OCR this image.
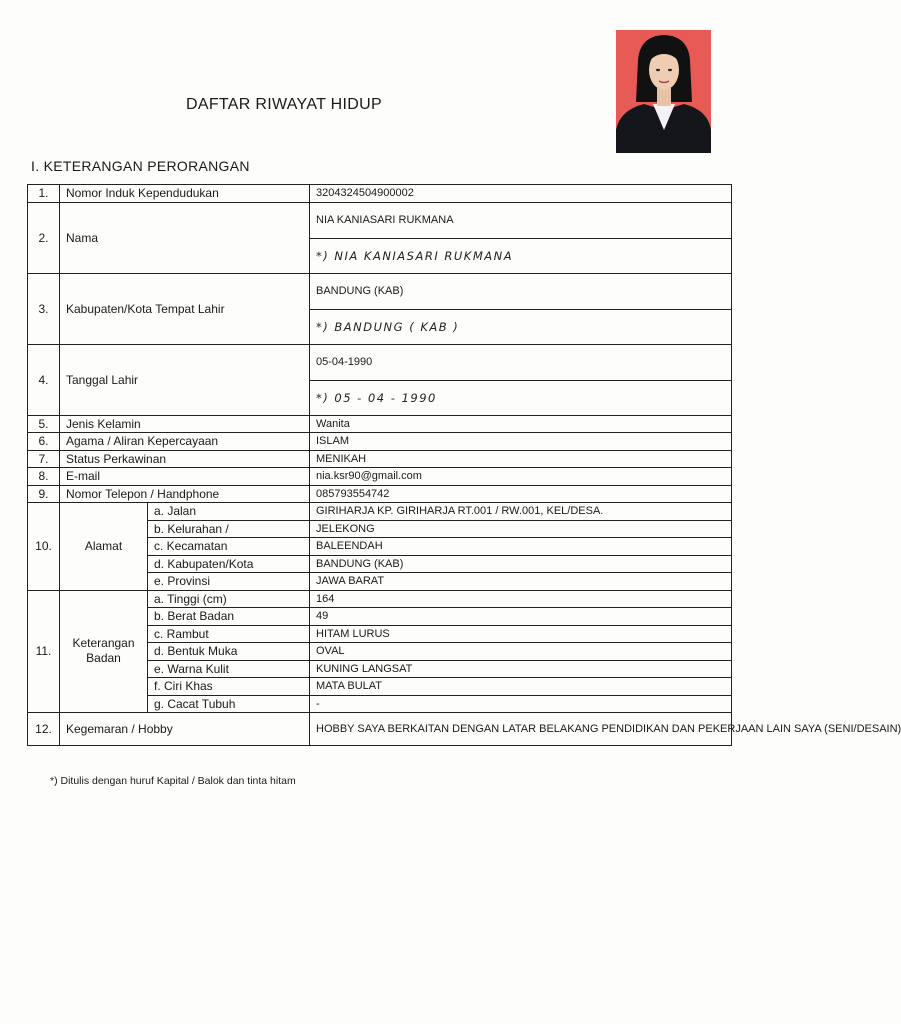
DAFTAR RIWAYAT HIDUP
I. KETERANGAN PERORANGAN
1.	Nomor Induk Kependudukan		3204324504900002
2.	Nama		NIA KANIASARI RUKMANA
			*) NIA KANIASARI RUKMANA
3.	Kabupaten/Kota Tempat Lahir		BANDUNG (KAB)
			*) BANDUNG ( KAB )
4.	Tanggal Lahir		05-04-1990
			*) 05 - 04 - 1990
5.	Jenis Kelamin		Wanita
6.	Agama / Aliran Kepercayaan		ISLAM
7.	Status Perkawinan		MENIKAH
8.	E-mail		nia.ksr90@gmail.com
9.	Nomor Telepon / Handphone		085793554742
10.	Alamat	a. Jalan	GIRIHARJA KP. GIRIHARJA RT.001 / RW.001, KEL/DESA.
		b. Kelurahan /	JELEKONG
		c. Kecamatan	BALEENDAH
		d. Kabupaten/Kota	BANDUNG (KAB)
		e. Provinsi	JAWA BARAT
11.	Keterangan Badan	a. Tinggi (cm)	164
		b. Berat Badan	49
		c. Rambut	HITAM LURUS
		d. Bentuk Muka	OVAL
		e. Warna Kulit	KUNING LANGSAT
		f. Ciri Khas	MATA BULAT
		g. Cacat Tubuh	-
12.	Kegemaran / Hobby		HOBBY SAYA BERKAITAN DENGAN LATAR BELAKANG PENDIDIKAN DAN PEKERJAAN LAIN SAYA (SENI/DESAIN)
*) Ditulis dengan huruf Kapital / Balok dan tinta hitam
